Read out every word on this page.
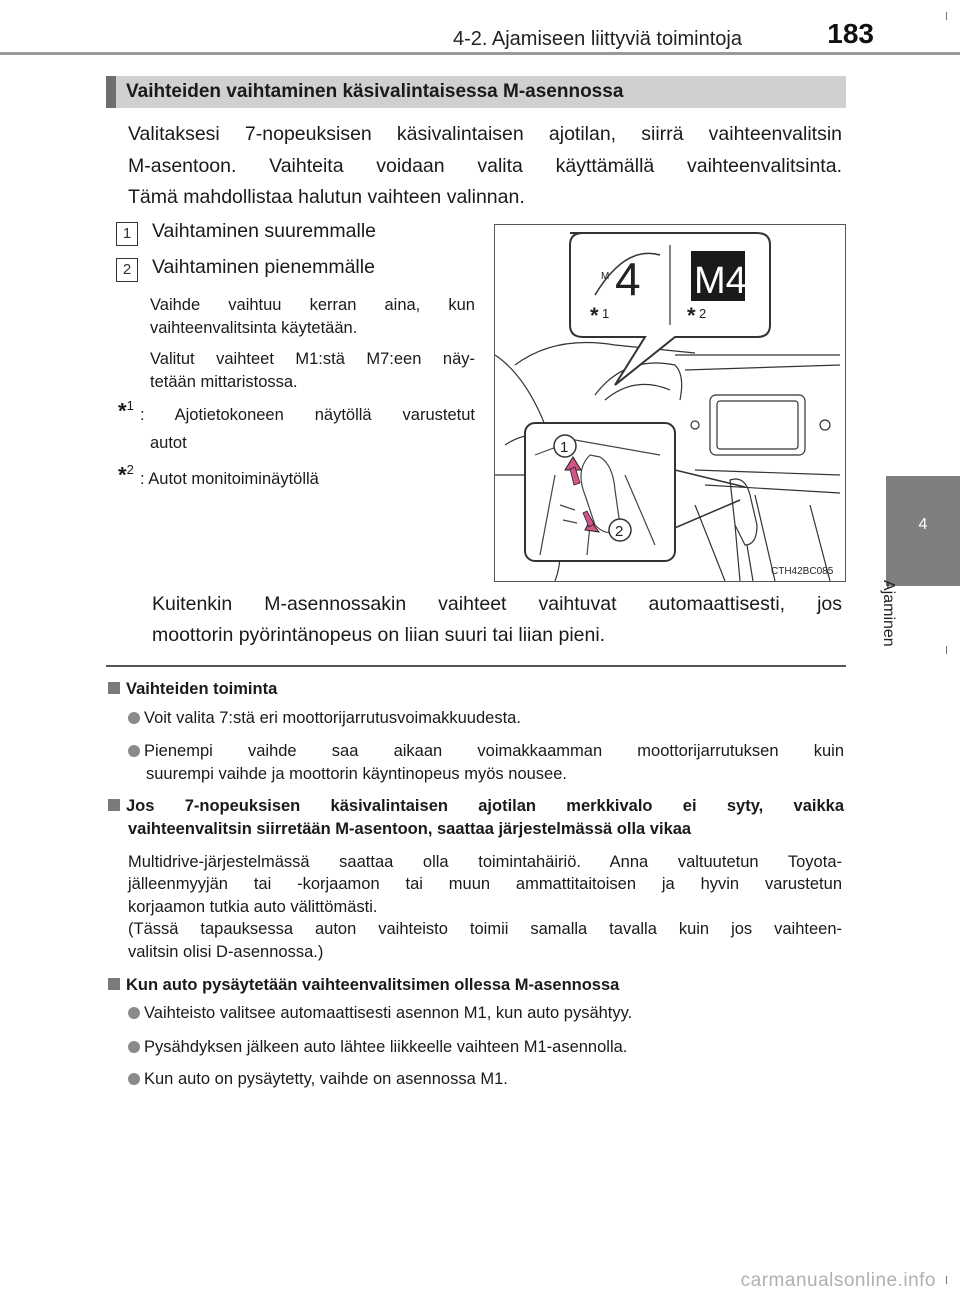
4-2. Ajamiseen liittyviä toimintoja	183
4
Ajaminen
Vaihteiden vaihtaminen käsivalintaisessa M-asennossa
Valitaksesi 7-nopeuksisen käsivalintaisen ajotilan, siirrä vaihteenvalitsin
M-asentoon. Vaihteita voidaan valita käyttämällä vaihteenvalitsinta.
Tämä mahdollistaa halutun vaihteen valinnan.
1	Vaihtaminen suuremmalle
2	Vaihtaminen pienemmälle
Vaihde vaihtuu kerran aina, kun
vaihteenvalitsinta käytetään.
Valitut vaihteet M1:stä M7:een näy-
tetään mittaristossa.
*$^1$
: Ajotietokoneen näytöllä varustetut
autot
*$^2$
: Autot monitoiminäytöllä
M 4 M4
* 1	* 2
1
2
CTH42BC085
Kuitenkin M-asennossakin vaihteet vaihtuvat automaattisesti, jos
moottorin pyörintänopeus on liian suuri tai liian pieni.
Vaihteiden toiminta
Voit valita 7:stä eri moottorijarrutusvoimakkuudesta.
Pienempi vaihde saa aikaan voimakkaamman moottorijarrutuksen kuin
suurempi vaihde ja moottorin käyntinopeus myös nousee.
Jos 7-nopeuksisen käsivalintaisen ajotilan merkkivalo ei syty, vaikka
vaihteenvalitsin siirretään M-asentoon, saattaa järjestelmässä olla vikaa
Multidrive-järjestelmässä saattaa olla toimintahäiriö. Anna valtuutetun Toyota-
jälleenmyyjän tai -korjaamon tai muun ammattitaitoisen ja hyvin varustetun
korjaamon tutkia auto välittömästi.
(Tässä tapauksessa auton vaihteisto toimii samalla tavalla kuin jos vaihteen-
valitsin olisi D-asennossa.)
Kun auto pysäytetään vaihteenvalitsimen ollessa M-asennossa
Vaihteisto valitsee automaattisesti asennon M1, kun auto pysähtyy.
Pysähdyksen jälkeen auto lähtee liikkeelle vaihteen M1-asennolla.
Kun auto on pysäytetty, vaihde on asennossa M1.
carmanualsonline.info
